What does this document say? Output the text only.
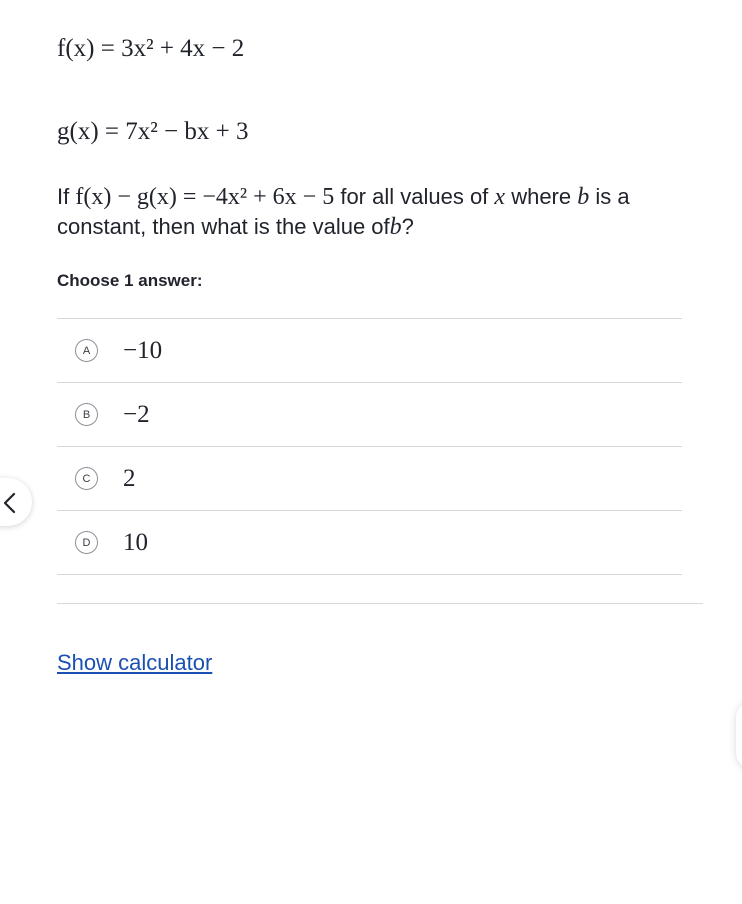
f(x) = 3x² + 4x − 2
g(x) = 7x² − bx + 3
If f(x) − g(x) = −4x² + 6x − 5 for all values of x where b is a constant, then what is the value ofb?
Choose 1 answer:
A	−10
B	−2
C	2
D	10
Show calculator
